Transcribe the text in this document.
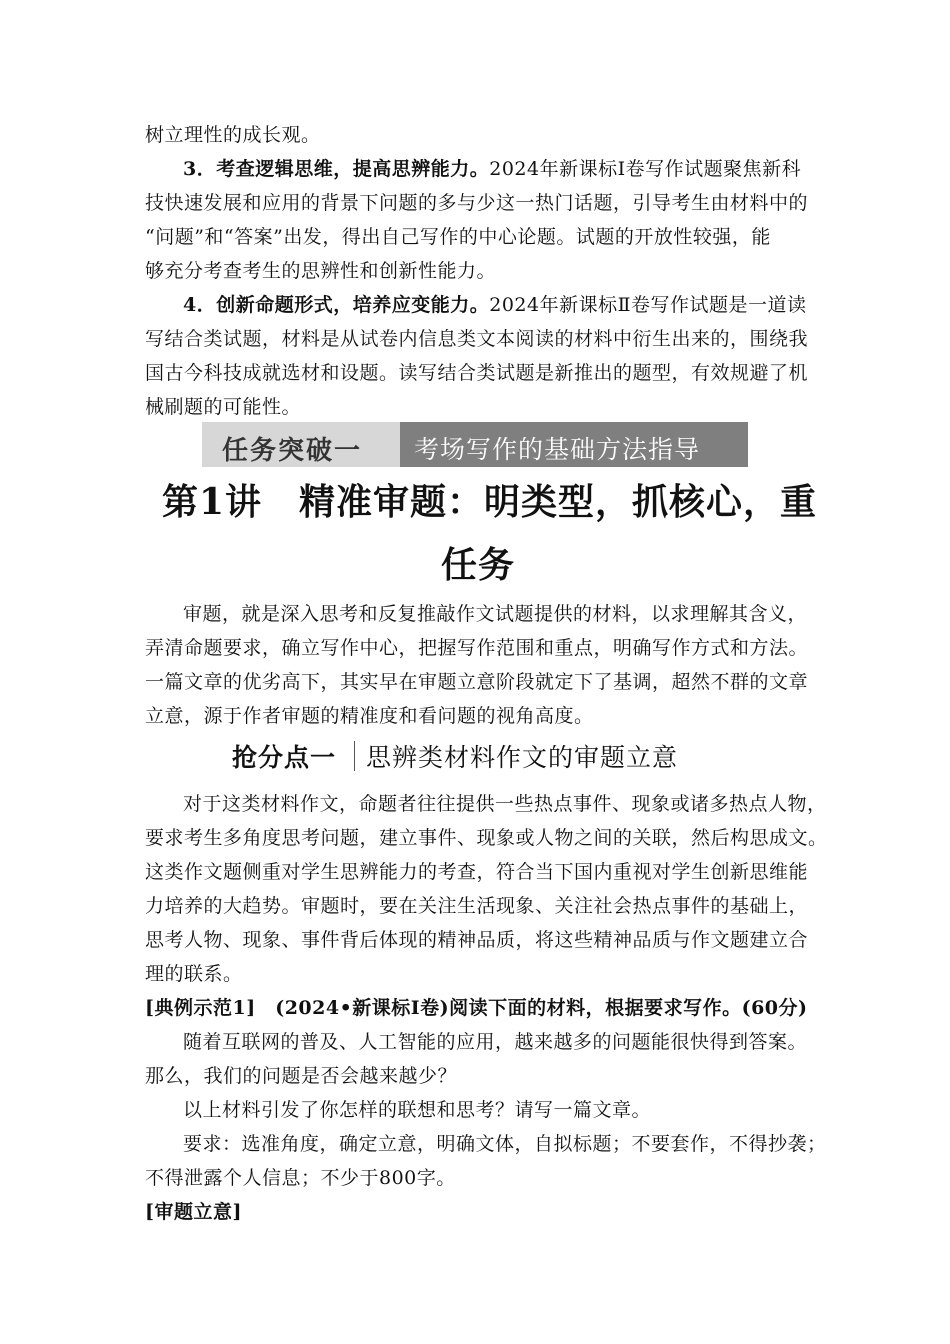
树立理性的成长观。
3．考查逻辑思维，提高思辨能力。2024年新课标Ⅰ卷写作试题聚焦新科
技快速发展和应用的背景下问题的多与少这一热门话题，引导考生由材料中的
“问题”和“答案”出发，得出自己写作的中心论题。试题的开放性较强，能
够充分考查考生的思辨性和创新性能力。
4．创新命题形式，培养应变能力。2024年新课标Ⅱ卷写作试题是一道读
写结合类试题，材料是从试卷内信息类文本阅读的材料中衍生出来的，围绕我
国古今科技成就选材和设题。读写结合类试题是新推出的题型，有效规避了机
械刷题的可能性。
任务突破一 考场写作的基础方法指导
第1讲　精准审题：明类型，抓核心，重
任务
审题，就是深入思考和反复推敲作文试题提供的材料，以求理解其含义，
弄清命题要求，确立写作中心，把握写作范围和重点，明确写作方式和方法。
一篇文章的优劣高下，其实早在审题立意阶段就定下了基调，超然不群的文章
立意，源于作者审题的精准度和看问题的视角高度。
抢分点一 思辨类材料作文的审题立意
对于这类材料作文，命题者往往提供一些热点事件、现象或诸多热点人物，
要求考生多角度思考问题，建立事件、现象或人物之间的关联，然后构思成文。
这类作文题侧重对学生思辨能力的考查，符合当下国内重视对学生创新思维能
力培养的大趋势。审题时，要在关注生活现象、关注社会热点事件的基础上，
思考人物、现象、事件背后体现的精神品质，将这些精神品质与作文题建立合
理的联系。
[典例示范1]　(2024•新课标Ⅰ卷)阅读下面的材料，根据要求写作。(60分)
随着互联网的普及、人工智能的应用，越来越多的问题能很快得到答案。
那么，我们的问题是否会越来越少？
以上材料引发了你怎样的联想和思考？请写一篇文章。
要求：选准角度，确定立意，明确文体，自拟标题；不要套作，不得抄袭；
不得泄露个人信息；不少于800字。
[审题立意]
